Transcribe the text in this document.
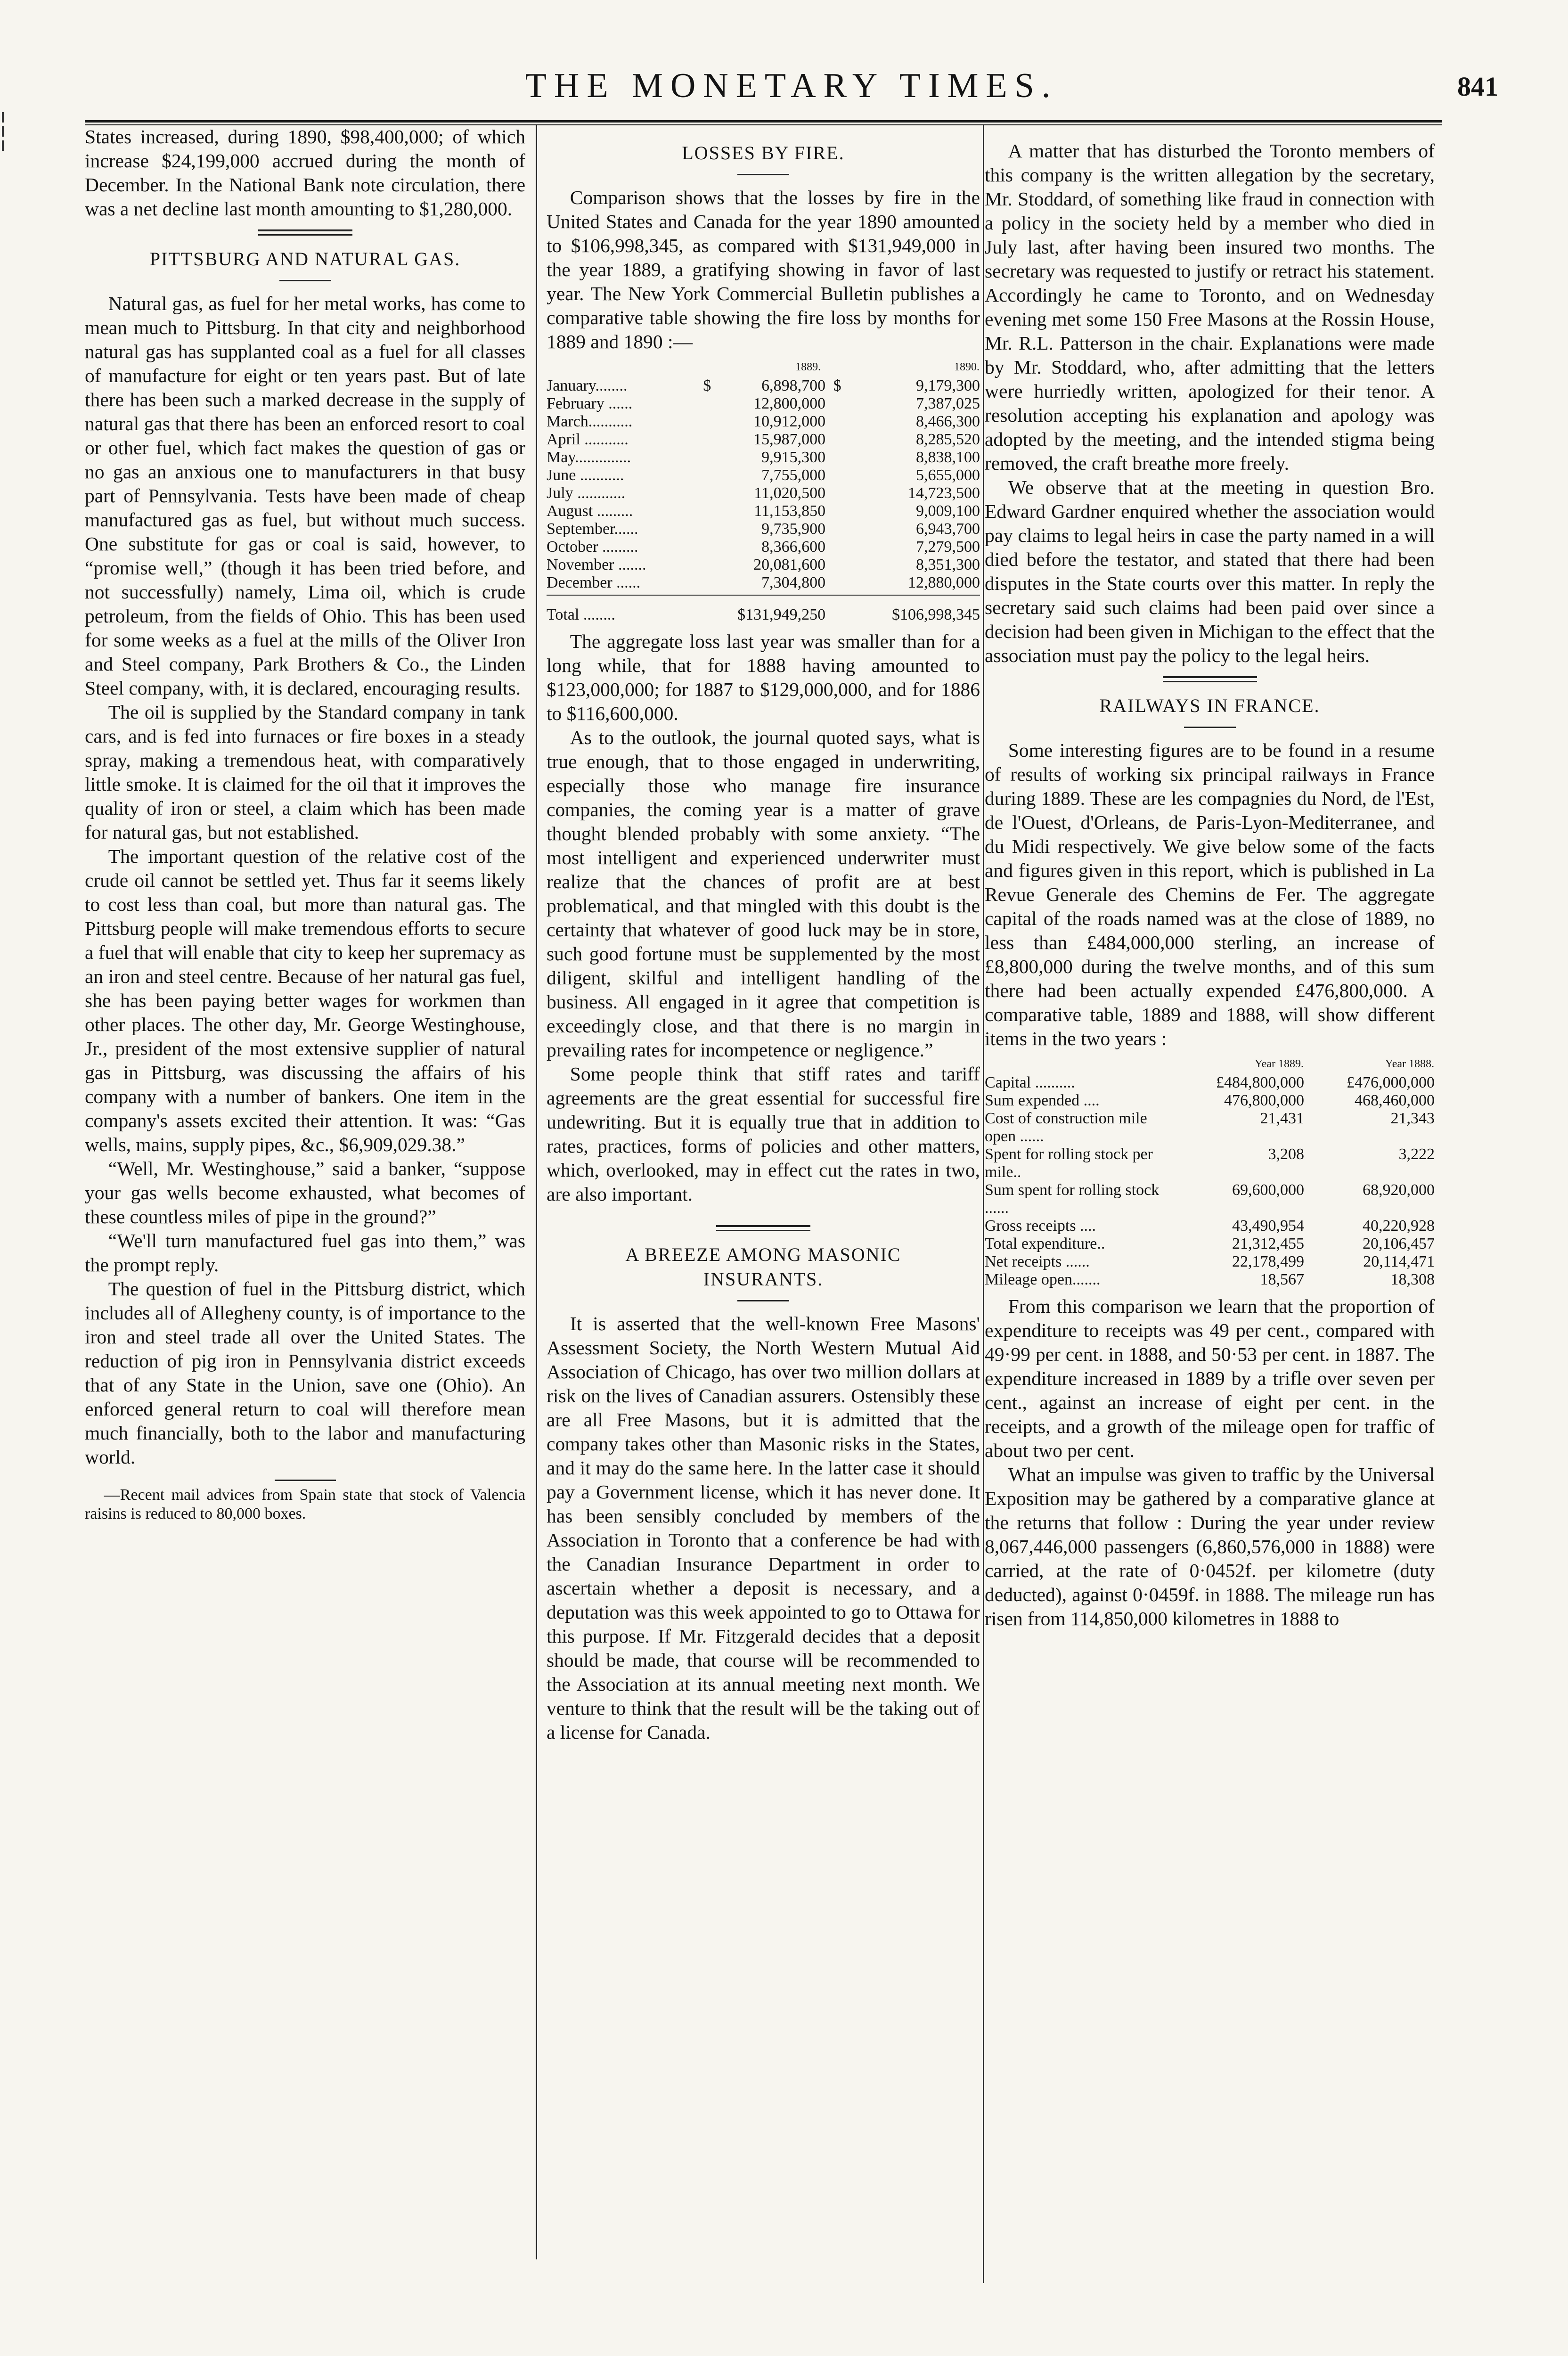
THE MONETARY TIMES.	841

States increased, during 1890, $98,400,000; of which increase $24,199,000 accrued during the month of December. In the National Bank note circulation, there was a net decline last month amounting to $1,280,000.

PITTSBURG AND NATURAL GAS.

Natural gas, as fuel for her metal works, has come to mean much to Pittsburg. In that city and neighborhood natural gas has supplanted coal as a fuel for all classes of manufacture for eight or ten years past. But of late there has been such a marked decrease in the supply of natural gas that there has been an enforced resort to coal or other fuel, which fact makes the question of gas or no gas an anxious one to manufacturers in that busy part of Pennsylvania. Tests have been made of cheap manufactured gas as fuel, but without much success. One substitute for gas or coal is said, however, to “promise well,” (though it has been tried before, and not successfully) namely, Lima oil, which is crude petroleum, from the fields of Ohio. This has been used for some weeks as a fuel at the mills of the Oliver Iron and Steel company, Park Brothers & Co., the Linden Steel company, with, it is declared, encouraging results.

The oil is supplied by the Standard company in tank cars, and is fed into furnaces or fire boxes in a steady spray, making a tremendous heat, with comparatively little smoke. It is claimed for the oil that it improves the quality of iron or steel, a claim which has been made for natural gas, but not established.

The important question of the relative cost of the crude oil cannot be settled yet. Thus far it seems likely to cost less than coal, but more than natural gas. The Pittsburg people will make tremendous efforts to secure a fuel that will enable that city to keep her supremacy as an iron and steel centre. Because of her natural gas fuel, she has been paying better wages for workmen than other places. The other day, Mr. George Westinghouse, Jr., president of the most extensive supplier of natural gas in Pittsburg, was discussing the affairs of his company with a number of bankers. One item in the company's assets excited their attention. It was: “Gas wells, mains, supply pipes, &c., $6,909,029.38.”

“Well, Mr. Westinghouse,” said a banker, “suppose your gas wells become exhausted, what becomes of these countless miles of pipe in the ground?”

“We'll turn manufactured fuel gas into them,” was the prompt reply.

The question of fuel in the Pittsburg district, which includes all of Allegheny county, is of importance to the iron and steel trade all over the United States. The reduction of pig iron in Pennsylvania district exceeds that of any State in the Union, save one (Ohio). An enforced general return to coal will therefore mean much financially, both to the labor and manufacturing world.

—Recent mail advices from Spain state that stock of Valencia raisins is reduced to 80,000 boxes.

LOSSES BY FIRE.

Comparison shows that the losses by fire in the United States and Canada for the year 1890 amounted to $106,998,345, as compared with $131,949,000 in the year 1889, a gratifying showing in favor of last year. The New York Commercial Bulletin publishes a comparative table showing the fire loss by months for 1889 and 1890 :—

	1889.		1890.
January........	$ 6,898,700	$	9,179,300
February ......	12,800,000		7,387,025
March...........	10,912,000		8,466,300
April ...........	15,987,000		8,285,520
May..............	9,915,300		8,838,100
June ...........	7,755,000		5,655,000
July ............	11,020,500		14,723,500
August .........	11,153,850		9,009,100
September......	9,735,900		6,943,700
October .........	8,366,600		7,279,500
November .......	20,081,600		8,351,300
December ......	7,304,800		12,880,000

Total ........	$131,949,250		$106,998,345

The aggregate loss last year was smaller than for a long while, that for 1888 having amounted to $123,000,000; for 1887 to $129,000,000, and for 1886 to $116,600,000.

As to the outlook, the journal quoted says, what is true enough, that to those engaged in underwriting, especially those who manage fire insurance companies, the coming year is a matter of grave thought blended probably with some anxiety. “The most intelligent and experienced underwriter must realize that the chances of profit are at best problematical, and that mingled with this doubt is the certainty that whatever of good luck may be in store, such good fortune must be supplemented by the most diligent, skilful and intelligent handling of the business. All engaged in it agree that competition is exceedingly close, and that there is no margin in prevailing rates for incompetence or negligence.”

Some people think that stiff rates and tariff agreements are the great essential for successful fire undewriting. But it is equally true that in addition to rates, practices, forms of policies and other matters, which, overlooked, may in effect cut the rates in two, are also important.

A BREEZE AMONG MASONIC INSURANTS.

It is asserted that the well-known Free Masons' Assessment Society, the North Western Mutual Aid Association of Chicago, has over two million dollars at risk on the lives of Canadian assurers. Ostensibly these are all Free Masons, but it is admitted that the company takes other than Masonic risks in the States, and it may do the same here. In the latter case it should pay a Government license, which it has never done. It has been sensibly concluded by members of the Association in Toronto that a conference be had with the Canadian Insurance Department in order to ascertain whether a deposit is necessary, and a deputation was this week appointed to go to Ottawa for this purpose. If Mr. Fitzgerald decides that a deposit should be made, that course will be recommended to the Association at its annual meeting next month. We venture to think that the result will be the taking out of a license for Canada.

A matter that has disturbed the Toronto members of this company is the written allegation by the secretary, Mr. Stoddard, of something like fraud in connection with a policy in the society held by a member who died in July last, after having been insured two months. The secretary was requested to justify or retract his statement. Accordingly he came to Toronto, and on Wednesday evening met some 150 Free Masons at the Rossin House, Mr. R.L. Patterson in the chair. Explanations were made by Mr. Stoddard, who, after admitting that the letters were hurriedly written, apologized for their tenor. A resolution accepting his explanation and apology was adopted by the meeting, and the intended stigma being removed, the craft breathe more freely.

We observe that at the meeting in question Bro. Edward Gardner enquired whether the association would pay claims to legal heirs in case the party named in a will died before the testator, and stated that there had been disputes in the State courts over this matter. In reply the secretary said such claims had been paid over since a decision had been given in Michigan to the effect that the association must pay the policy to the legal heirs.

RAILWAYS IN FRANCE.

Some interesting figures are to be found in a resume of results of working six principal railways in France during 1889. These are les compagnies du Nord, de l'Est, de l'Ouest, d'Orleans, de Paris-Lyon-Mediterranee, and du Midi respectively. We give below some of the facts and figures given in this report, which is published in La Revue Generale des Chemins de Fer. The aggregate capital of the roads named was at the close of 1889, no less than £484,000,000 sterling, an increase of £8,800,000 during the twelve months, and of this sum there had been actually expended £476,800,000. A comparative table, 1889 and 1888, will show different items in the two years :

	Year 1889.	Year 1888.
Capital ..........	£484,800,000	£476,000,000
Sum expended ....	476,800,000	468,460,000
Cost of construction mile open ......	21,431	21,343
Spent for rolling stock per mile..	3,208	3,222
Sum spent for rolling stock ......	69,600,000	68,920,000
Gross receipts ....	43,490,954	40,220,928
Total expenditure..	21,312,455	20,106,457
Net receipts ......	22,178,499	20,114,471
Mileage open.......	18,567	18,308

From this comparison we learn that the proportion of expenditure to receipts was 49 per cent., compared with 49·99 per cent. in 1888, and 50·53 per cent. in 1887. The expenditure increased in 1889 by a trifle over seven per cent., against an increase of eight per cent. in the receipts, and a growth of the mileage open for traffic of about two per cent.

What an impulse was given to traffic by the Universal Exposition may be gathered by a comparative glance at the returns that follow : During the year under review 8,067,446,000 passengers (6,860,576,000 in 1888) were carried, at the rate of 0·0452f. per kilometre (duty deducted), against 0·0459f. in 1888. The mileage run has risen from 114,850,000 kilometres in 1888 to
